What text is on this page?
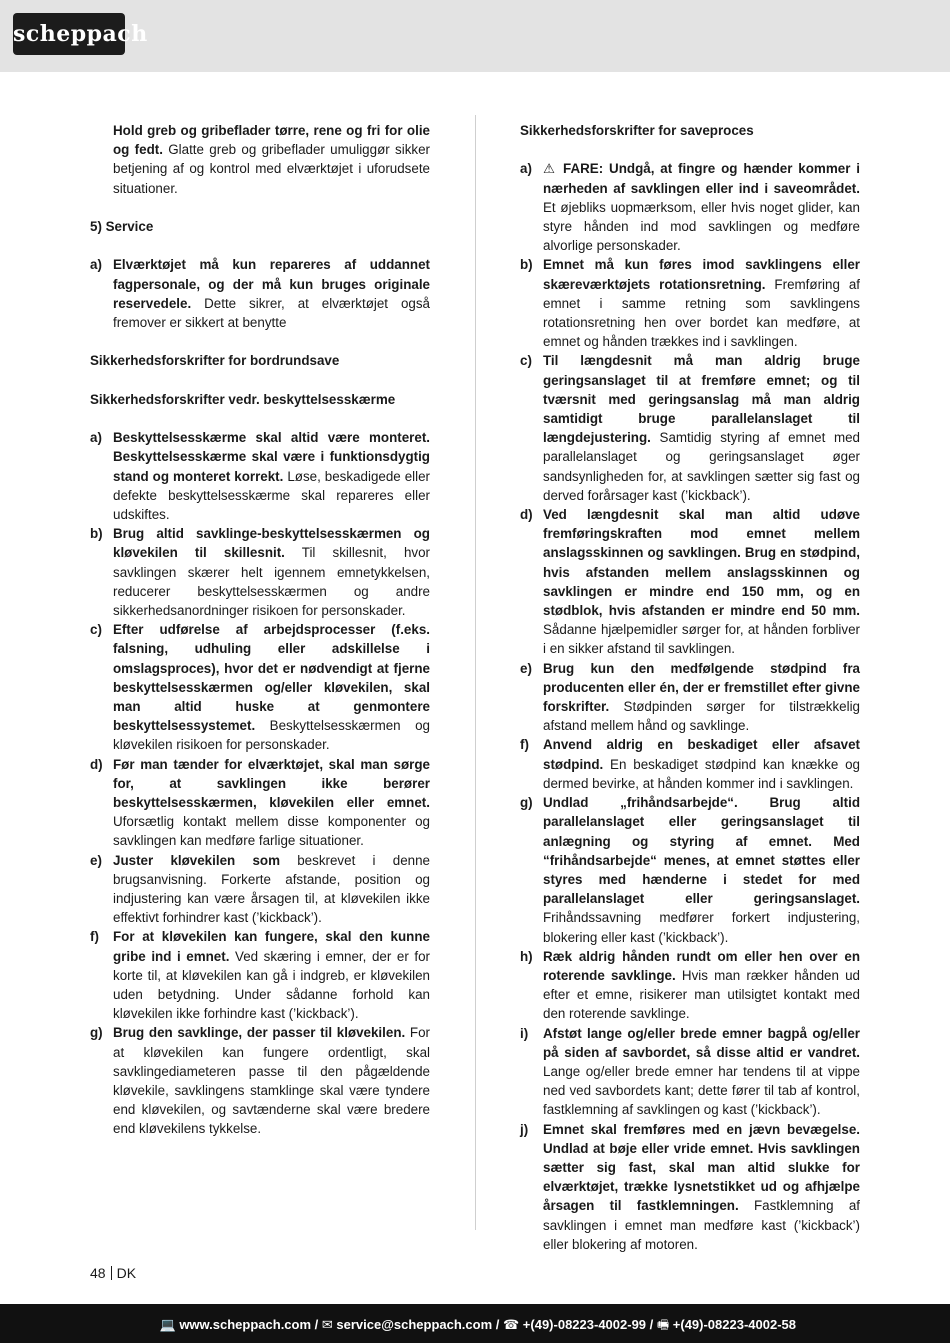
scheppach

Hold greb og gribeflader tørre, rene og fri for olie og fedt. Glatte greb og gribeflader umuliggør sikker betjening af og kontrol med elværktøjet i uforudsete situationer.

5) Service

a) Elværktøjet må kun repareres af uddannet fagpersonale, og der må kun bruges originale reservedele. Dette sikrer, at elværktøjet også fremover er sikkert at benytte

Sikkerhedsforskrifter for bordrundsave

Sikkerhedsforskrifter vedr. beskyttelsesskærme

a) Beskyttelsesskærme skal altid være monteret. Beskyttelsesskærme skal være i funktionsdygtig stand og monteret korrekt. Løse, beskadigede eller defekte beskyttelsesskærme skal repareres eller udskiftes.
b) Brug altid savklinge-beskyttelsesskærmen og kløvekilen til skillesnit. Til skillesnit, hvor savklingen skærer helt igennem emnetykkelsen, reducerer beskyttelsesskærmen og andre sikkerhedsanordninger risikoen for personskader.
c) Efter udførelse af arbejdsprocesser (f.eks. falsning, udhuling eller adskillelse i omslagsproces), hvor det er nødvendigt at fjerne beskyttelsesskærmen og/eller kløvekilen, skal man altid huske at genmontere beskyttelsessystemet. Beskyttelsesskærmen og kløvekilen risikoen for personskader.
d) Før man tænder for elværktøjet, skal man sørge for, at savklingen ikke berører beskyttelsesskærmen, kløvekilen eller emnet. Uforsætlig kontakt mellem disse komponenter og savklingen kan medføre farlige situationer.
e) Juster kløvekilen som beskrevet i denne brugsanvisning. Forkerte afstande, position og indjustering kan være årsagen til, at kløvekilen ikke effektivt forhindrer kast (’kickback’).
f) For at kløvekilen kan fungere, skal den kunne gribe ind i emnet. Ved skæring i emner, der er for korte til, at kløvekilen kan gå i indgreb, er kløvekilen uden betydning. Under sådanne forhold kan kløvekilen ikke forhindre kast (’kickback’).
g) Brug den savklinge, der passer til kløvekilen. For at kløvekilen kan fungere ordentligt, skal savklingediameteren passe til den pågældende kløvekile, savklingens stamklinge skal være tyndere end kløvekilen, og savtænderne skal være bredere end kløvekilens tykkelse.

Sikkerhedsforskrifter for saveproces

a) ⚠ FARE: Undgå, at fingre og hænder kommer i nærheden af savklingen eller ind i saveområdet. Et øjebliks uopmærksom, eller hvis noget glider, kan styre hånden ind mod savklingen og medføre alvorlige personskader.
b) Emnet må kun føres imod savklingens eller skæreværktøjets rotationsretning. Fremføring af emnet i samme retning som savklingens rotationsretning hen over bordet kan medføre, at emnet og hånden trækkes ind i savklingen.
c) Til længdesnit må man aldrig bruge geringsanslaget til at fremføre emnet; og til tværsnit med geringsanslag må man aldrig samtidigt bruge parallelanslaget til længdejustering. Samtidig styring af emnet med parallelanslaget og geringsanslaget øger sandsynligheden for, at savklingen sætter sig fast og derved forårsager kast (’kickback’).
d) Ved længdesnit skal man altid udøve fremføringskraften mod emnet mellem anslagsskinnen og savklingen. Brug en stødpind, hvis afstanden mellem anslagsskinnen og savklingen er mindre end 150 mm, og en stødblok, hvis afstanden er mindre end 50 mm. Sådanne hjælpemidler sørger for, at hånden forbliver i en sikker afstand til savklingen.
e) Brug kun den medfølgende stødpind fra producenten eller én, der er fremstillet efter givne forskrifter. Stødpinden sørger for tilstrækkelig afstand mellem hånd og savklinge.
f) Anvend aldrig en beskadiget eller afsavet stødpind. En beskadiget stødpind kan knække og dermed bevirke, at hånden kommer ind i savklingen.
g) Undlad „frihåndsarbejde“. Brug altid parallelanslaget eller geringsanslaget til anlægning og styring af emnet. Med “frihåndsarbejde“ menes, at emnet støttes eller styres med hænderne i stedet for med parallelanslaget eller geringsanslaget. Frihåndssavning medfører forkert indjustering, blokering eller kast (’kickback’).
h) Ræk aldrig hånden rundt om eller hen over en roterende savklinge. Hvis man rækker hånden ud efter et emne, risikerer man utilsigtet kontakt med den roterende savklinge.
i) Afstøt lange og/eller brede emner bagpå og/eller på siden af savbordet, så disse altid er vandret. Lange og/eller brede emner har tendens til at vippe ned ved savbordets kant; dette fører til tab af kontrol, fastklemning af savklingen og kast (’kickback’).
j) Emnet skal fremføres med en jævn bevægelse. Undlad at bøje eller vride emnet. Hvis savklingen sætter sig fast, skal man altid slukke for elværktøjet, trække lysnetstikket ud og afhjælpe årsagen til fastklemningen. Fastklemning af savklingen i emnet man medføre kast (’kickback’) eller blokering af motoren.
48 DK
💻 www.scheppach.com / ✉ service@scheppach.com / ☎ +(49)-08223-4002-99 / 🖷 +(49)-08223-4002-58
